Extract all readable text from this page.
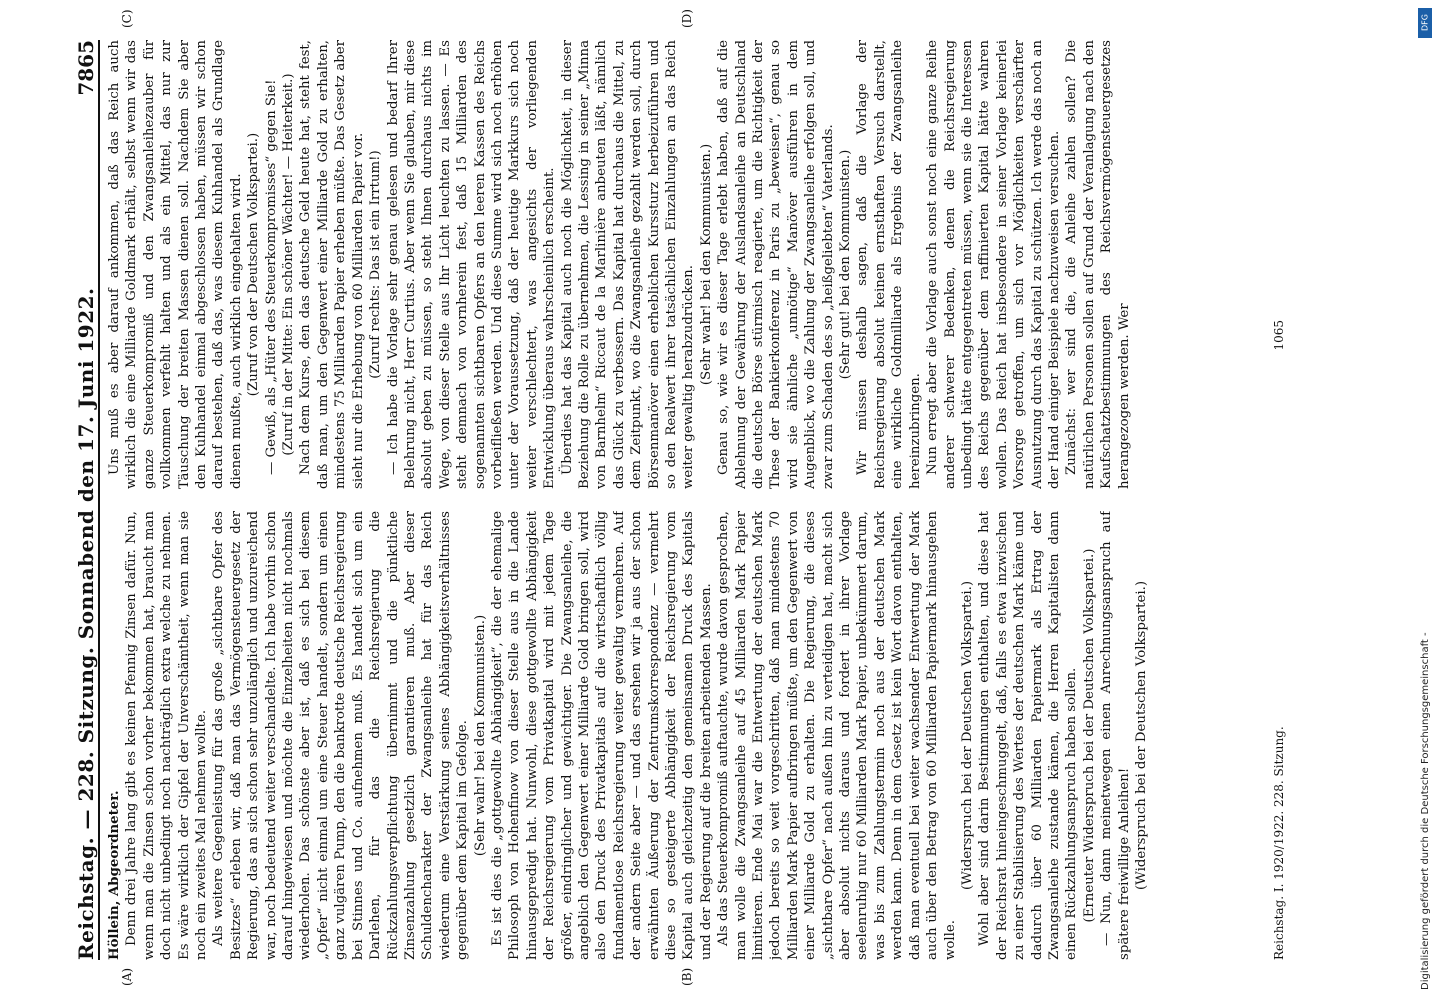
Reichstag. — 228. Sitzung. Sonnabend den 17. Juni 1922.
7865

Höllein, Abgeordneter. Denn drei Jahre lang gibt es keinen Pfennig Zinsen dafür. Nun, wenn man die Zinsen schon vorher bekommen hat, braucht man doch nicht unbedingt noch nachträglich extra welche zu nehmen. Es wäre wirklich der Gipfel der Unverschämtheit, wenn man sie noch ein zweites Mal nehmen wollte. Als weitere Gegenleistung für das große „sichtbare Opfer des Besitzes“ erleben wir, daß man das Vermögensteuergesetz der Regierung, das an sich schon sehr unzulänglich und unzureichend war, noch bedeutend weiter verschandelte. Ich habe vorhin schon darauf hingewiesen und möchte die Einzelheiten nicht nochmals wiederholen. Das schönste aber ist, daß es sich bei diesem „Opfer“ nicht einmal um eine Steuer handelt, sondern um einen ganz vulgären Pump, den die bankrotte deutsche Reichsregierung bei Stinnes und Co. aufnehmen muß. Es handelt sich um ein Darlehen, für das die Reichsregierung die Rückzahlungsverpflichtung übernimmt und die pünktliche Zinsenzahlung gesetzlich garantieren muß. Aber dieser Schuldencharakter der Zwangsanleihe hat für das Reich wiederum eine Verstärkung seines Abhängigkeitsverhältnisses gegenüber dem Kapital im Gefolge. (Sehr wahr! bei den Kommunisten.) Es ist dies die „gottgewollte Abhängigkeit“, die der ehemalige Philosoph von Hohenfinow von dieser Stelle aus in die Lande hinausgepredigt hat. Nunwohl, diese gottgewollte Abhängigkeit der Reichsregierung vom Privatkapital wird mit jedem Tage größer, eindringlicher und gewichtiger. Die Zwangsanleihe, die angeblich den Gegenwert einer Milliarde Gold bringen soll, wird also den Druck des Privatkapitals auf die wirtschaftlich völlig fundamentlose Reichsregierung weiter gewaltig vermehren. Auf der andern Seite aber — und das ersehen wir ja aus der schon erwähnten Äußerung der Zentrumskorrespondenz — vermehrt diese so gesteigerte Abhängigkeit der Reichsregierung vom Kapital auch gleichzeitig den gemeinsamen Druck des Kapitals und der Regierung auf die breiten arbeitenden Massen. Als das Steuerkompromiß auftauchte, wurde davon gesprochen, man wolle die Zwangsanleihe auf 45 Milliarden Mark Papier limitieren. Ende Mai war die Entwertung der deutschen Mark jedoch bereits so weit vorgeschritten, daß man mindestens 70 Milliarden Mark Papier aufbringen müßte, um den Gegenwert von einer Milliarde Gold zu erhalten. Die Regierung, die dieses „sichtbare Opfer“ nach außen hin zu verteidigen hat, macht sich aber absolut nichts daraus und fordert in ihrer Vorlage seelenruhig nur 60 Milliarden Mark Papier, unbekümmert darum, was bis zum Zahlungstermin noch aus der deutschen Mark werden kann. Denn in dem Gesetz ist kein Wort davon enthalten, daß man eventuell bei weiter wachsender Entwertung der Mark auch über den Betrag von 60 Milliarden Papiermark hinausgehen wolle.

(Widerspruch bei der Deutschen Volkspartei.) Wohl aber sind darin Bestimmungen enthalten, und diese hat der Reichsrat hineingeschmuggelt, daß, falls es etwa inzwischen zu einer Stabilisierung des Wertes der deutschen Mark käme und dadurch über 60 Milliarden Papiermark als Ertrag der Zwangsanleihe zustande kämen, die Herren Kapitalisten dann einen Rückzahlungsanspruch haben sollen. (Erneuter Widerspruch bei der Deutschen Volkspartei.) — Nun, dann meinetwegen einen Anrechnungsanspruch auf spätere freiwillige Anleihen! (Widerspruch bei der Deutschen Volkspartei.)

Uns muß es aber darauf ankommen, daß das Reich auch wirklich die eine Milliarde Goldmark erhält, selbst wenn wir das ganze Steuerkompromiß und den Zwangsanleihezauber für vollkommen verfehlt halten und als ein Mittel, das nur zur Täuschung der breiten Massen dienen soll. Nachdem Sie aber den Kuhhandel einmal abgeschlossen haben, müssen wir schon darauf bestehen, daß das, was diesem Kuhhandel als Grundlage dienen mußte, auch wirklich eingehalten wird. (Zuruf von der Deutschen Volkspartei.) — Gewiß, als „Hüter des Steuerkompromisses“ gegen Sie! (Zuruf in der Mitte: Ein schöner Wächter! — Heiterkeit.) Nach dem Kurse, den das deutsche Geld heute hat, steht fest, daß man, um den Gegenwert einer Milliarde Gold zu erhalten, mindestens 75 Milliarden Papier erheben müßte. Das Gesetz aber sieht nur die Erhebung von 60 Milliarden Papier vor. (Zuruf rechts: Das ist ein Irrtum!) — Ich habe die Vorlage sehr genau gelesen und bedarf Ihrer Belehrung nicht, Herr Curtius. Aber wenn Sie glauben, mir diese absolut geben zu müssen, so steht Ihnen durchaus nichts im Wege, von dieser Stelle aus Ihr Licht leuchten zu lassen. — Es steht demnach von vornherein fest, daß 15 Milliarden des sogenannten sichtbaren Opfers an den leeren Kassen des Reichs vorbeifließen werden. Und diese Summe wird sich noch erhöhen unter der Voraussetzung, daß der heutige Markkurs sich noch weiter verschlechtert, was angesichts der vorliegenden Entwicklung überaus wahrscheinlich erscheint. Überdies hat das Kapital auch noch die Möglichkeit, in dieser Beziehung die Rolle zu übernehmen, die Lessing in seiner „Minna von Barnhelm“ Riccaut de la Marlinière anbeuten läßt, nämlich das Glück zu verbessern. Das Kapital hat durchaus die Mittel, zu dem Zeitpunkt, wo die Zwangsanleihe gezahlt werden soll, durch Börsenmanöver einen erheblichen Kurssturz herbeizuführen und so den Realwert ihrer tatsächlichen Einzahlungen an das Reich weiter gewaltig herabzudrücken. (Sehr wahr! bei den Kommunisten.) Genau so, wie wir es dieser Tage erlebt haben, daß auf die Ablehnung der Gewährung der Auslandsanleihe an Deutschland die deutsche Börse stürmisch reagierte, um die Richtigkeit der These der Bankierkonferenz in Paris zu „beweisen“, genau so wird sie ähnliche „unnötige“ Manöver ausführen in dem Augenblick, wo die Zahlung der Zwangsanleihe erfolgen soll, und zwar zum Schaden des so „heißgeliebten“ Vaterlands. (Sehr gut! bei den Kommunisten.) Wir müssen deshalb sagen, daß die Vorlage der Reichsregierung absolut keinen ernsthaften Versuch darstellt, eine wirkliche Goldmilliarde als Ergebnis der Zwangsanleihe hereinzubringen. Nun erregt aber die Vorlage auch sonst noch eine ganze Reihe anderer schwerer Bedenken, denen die Reichsregierung unbedingt hätte entgegentreten müssen, wenn sie die Interessen des Reichs gegenüber dem raffinierten Kapital hätte wahren wollen. Das Reich hat insbesondere in seiner Vorlage keinerlei Vorsorge getroffen, um sich vor Möglichkeiten verschärfter Ausnutzung durch das Kapital zu schützen. Ich werde das noch an der Hand einiger Beispiele nachzuweisen versuchen. Zunächst: wer sind die, die Anleihe zahlen sollen? Die natürlichen Personen sollen auf Grund der Veranlagung nach den Kaufschatzbestimmungen des Reichsvermögensteuergesetzes herangezogen werden. Wer

(A)	(B)
(C)	(D)
Reichstag. I. 1920/1922. 228. Sitzung.
1065
Digitalisierung gefördert durch die Deutsche Forschungsgemeinschaft -
DFG
